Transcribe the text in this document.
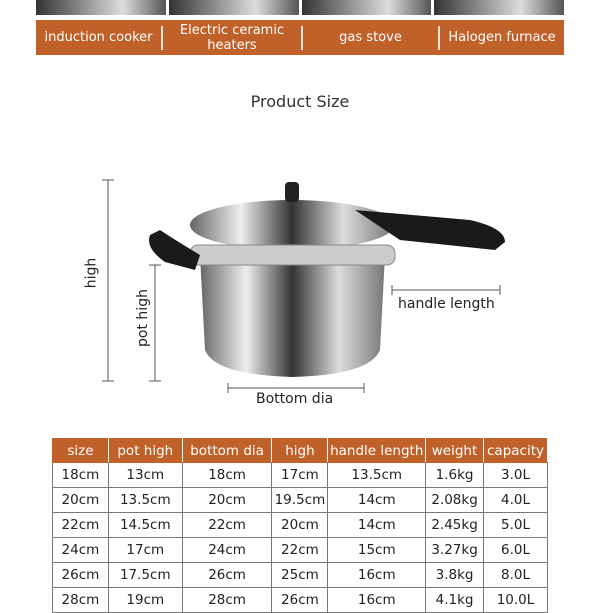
induction cooker	Electric ceramic heaters	gas stove	Halogen furnace
Product Size
high
pot high	handle length
Bottom dia
size	pot high	bottom dia	high	handle length	weight	capacity
18cm	13cm	18cm	17cm	13.5cm	1.6kg	3.0L
20cm	13.5cm	20cm	19.5cm	14cm	2.08kg	4.0L
22cm	14.5cm	22cm	20cm	14cm	2.45kg	5.0L
24cm	17cm	24cm	22cm	15cm	3.27kg	6.0L
26cm	17.5cm	26cm	25cm	16cm	3.8kg	8.0L
28cm	19cm	28cm	26cm	16cm	4.1kg	10.0L
